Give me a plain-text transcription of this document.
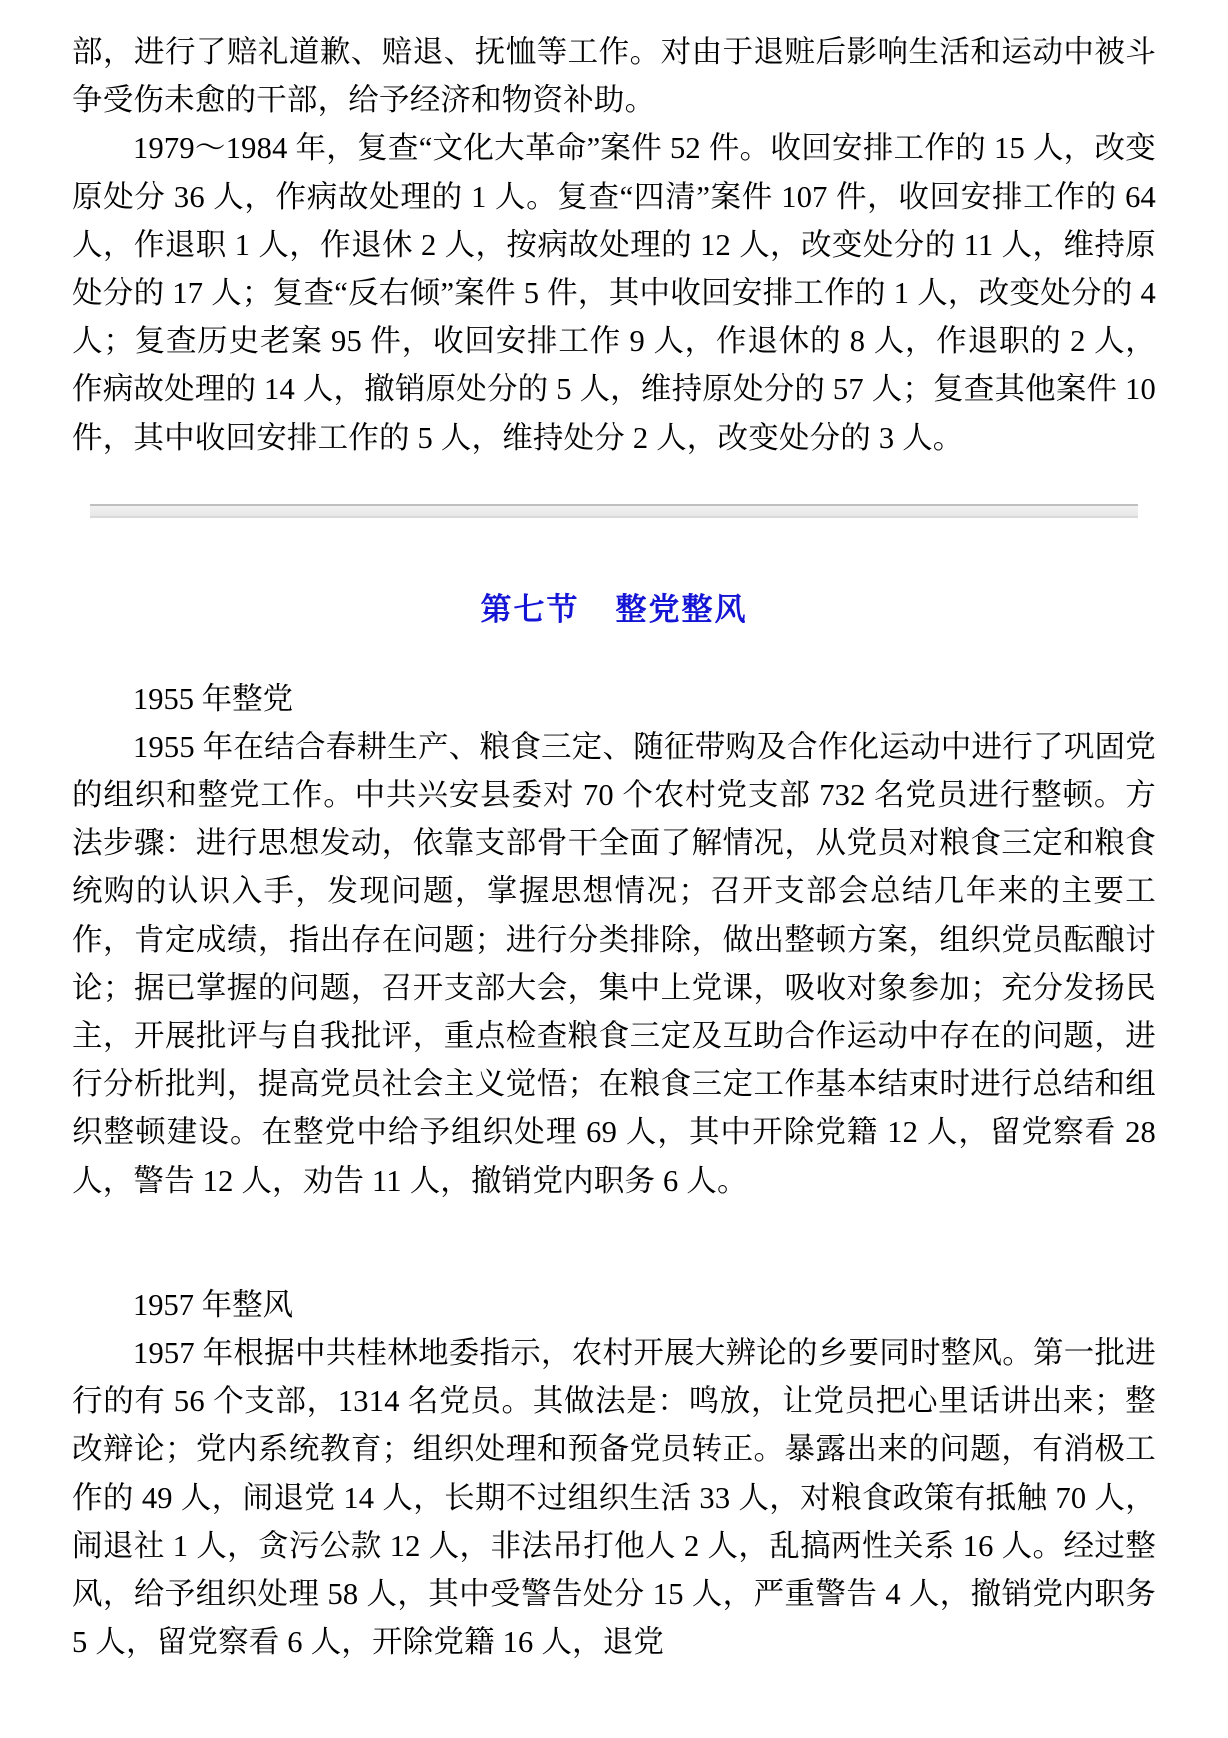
部，进行了赔礼道歉、赔退、抚恤等工作。对由于退赃后影响生活和运动中被斗争受伤未愈的干部，给予经济和物资补助。

1979～1984 年，复查“文化大革命”案件 52 件。收回安排工作的 15 人，改变原处分 36 人，作病故处理的 1 人。复查“四清”案件 107 件，收回安排工作的 64 人，作退职 1 人，作退休 2 人，按病故处理的 12 人，改变处分的 11 人，维持原处分的 17 人；复查“反右倾”案件 5 件，其中收回安排工作的 1 人，改变处分的 4 人；复查历史老案 95 件，收回安排工作 9 人，作退休的 8 人，作退职的 2 人，作病故处理的 14 人，撤销原处分的 5 人，维持原处分的 57 人；复查其他案件 10 件，其中收回安排工作的 5 人，维持处分 2 人，改变处分的 3 人。

第七节 整党整风
1955 年整党

1955 年在结合春耕生产、粮食三定、随征带购及合作化运动中进行了巩固党的组织和整党工作。中共兴安县委对 70 个农村党支部 732 名党员进行整顿。方法步骤：进行思想发动，依靠支部骨干全面了解情况，从党员对粮食三定和粮食统购的认识入手，发现问题，掌握思想情况；召开支部会总结几年来的主要工作，肯定成绩，指出存在问题；进行分类排除，做出整顿方案，组织党员酝酿讨论；据已掌握的问题，召开支部大会，集中上党课，吸收对象参加；充分发扬民主，开展批评与自我批评，重点检查粮食三定及互助合作运动中存在的问题，进行分析批判，提高党员社会主义觉悟；在粮食三定工作基本结束时进行总结和组织整顿建设。在整党中给予组织处理 69 人，其中开除党籍 12 人，留党察看 28 人，警告 12 人，劝告 11 人，撤销党内职务 6 人。

1957 年整风

1957 年根据中共桂林地委指示，农村开展大辨论的乡要同时整风。第一批进行的有 56 个支部，1314 名党员。其做法是：鸣放，让党员把心里话讲出来；整改辩论；党内系统教育；组织处理和预备党员转正。暴露出来的问题，有消极工作的 49 人，闹退党 14 人，长期不过组织生活 33 人，对粮食政策有抵触 70 人，闹退社 1 人，贪污公款 12 人，非法吊打他人 2 人，乱搞两性关系 16 人。经过整风，给予组织处理 58 人，其中受警告处分 15 人，严重警告 4 人，撤销党内职务 5 人，留党察看 6 人，开除党籍 16 人，退党
